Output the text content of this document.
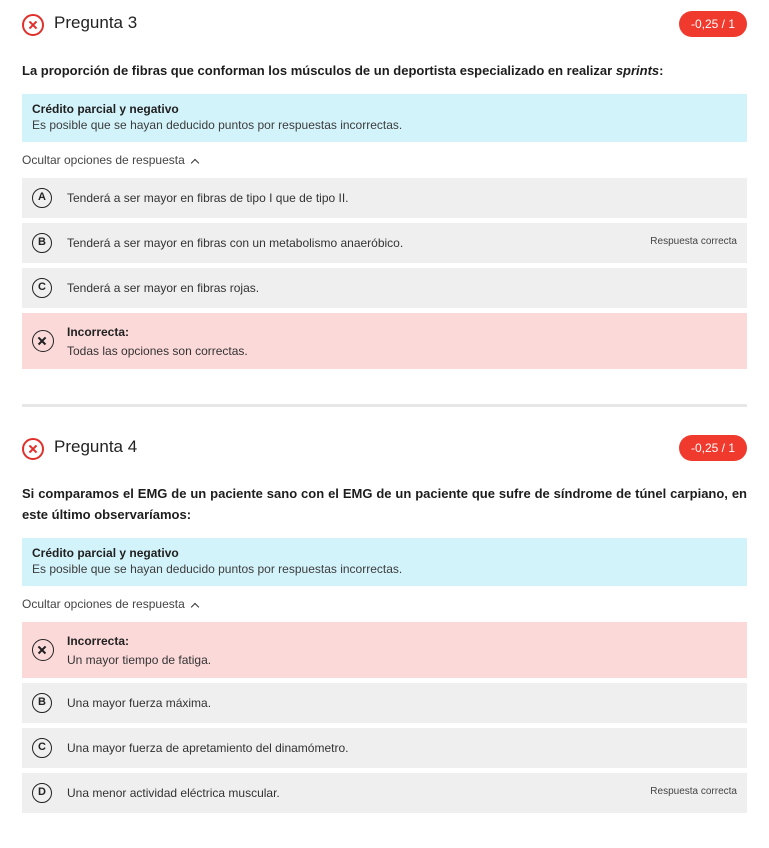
Pregunta 3	-0,25 / 1

La proporción de fibras que conforman los músculos de un deportista especializado en realizar sprints:

Crédito parcial y negativo
Es posible que se hayan deducido puntos por respuestas incorrectas.
Ocultar opciones de respuesta
A	Tenderá a ser mayor en fibras de tipo I que de tipo II.
B	Tenderá a ser mayor en fibras con un metabolismo anaeróbico.	Respuesta correcta
C	Tenderá a ser mayor en fibras rojas.
Incorrecta:
Todas las opciones son correctas.
Pregunta 4	-0,25 / 1

Si comparamos el EMG de un paciente sano con el EMG de un paciente que sufre de síndrome de túnel carpiano, en este último observaríamos:

Crédito parcial y negativo
Es posible que se hayan deducido puntos por respuestas incorrectas.
Ocultar opciones de respuesta
Incorrecta:
Un mayor tiempo de fatiga.
B	Una mayor fuerza máxima.
C	Una mayor fuerza de apretamiento del dinamómetro.
D	Una menor actividad eléctrica muscular.	Respuesta correcta
